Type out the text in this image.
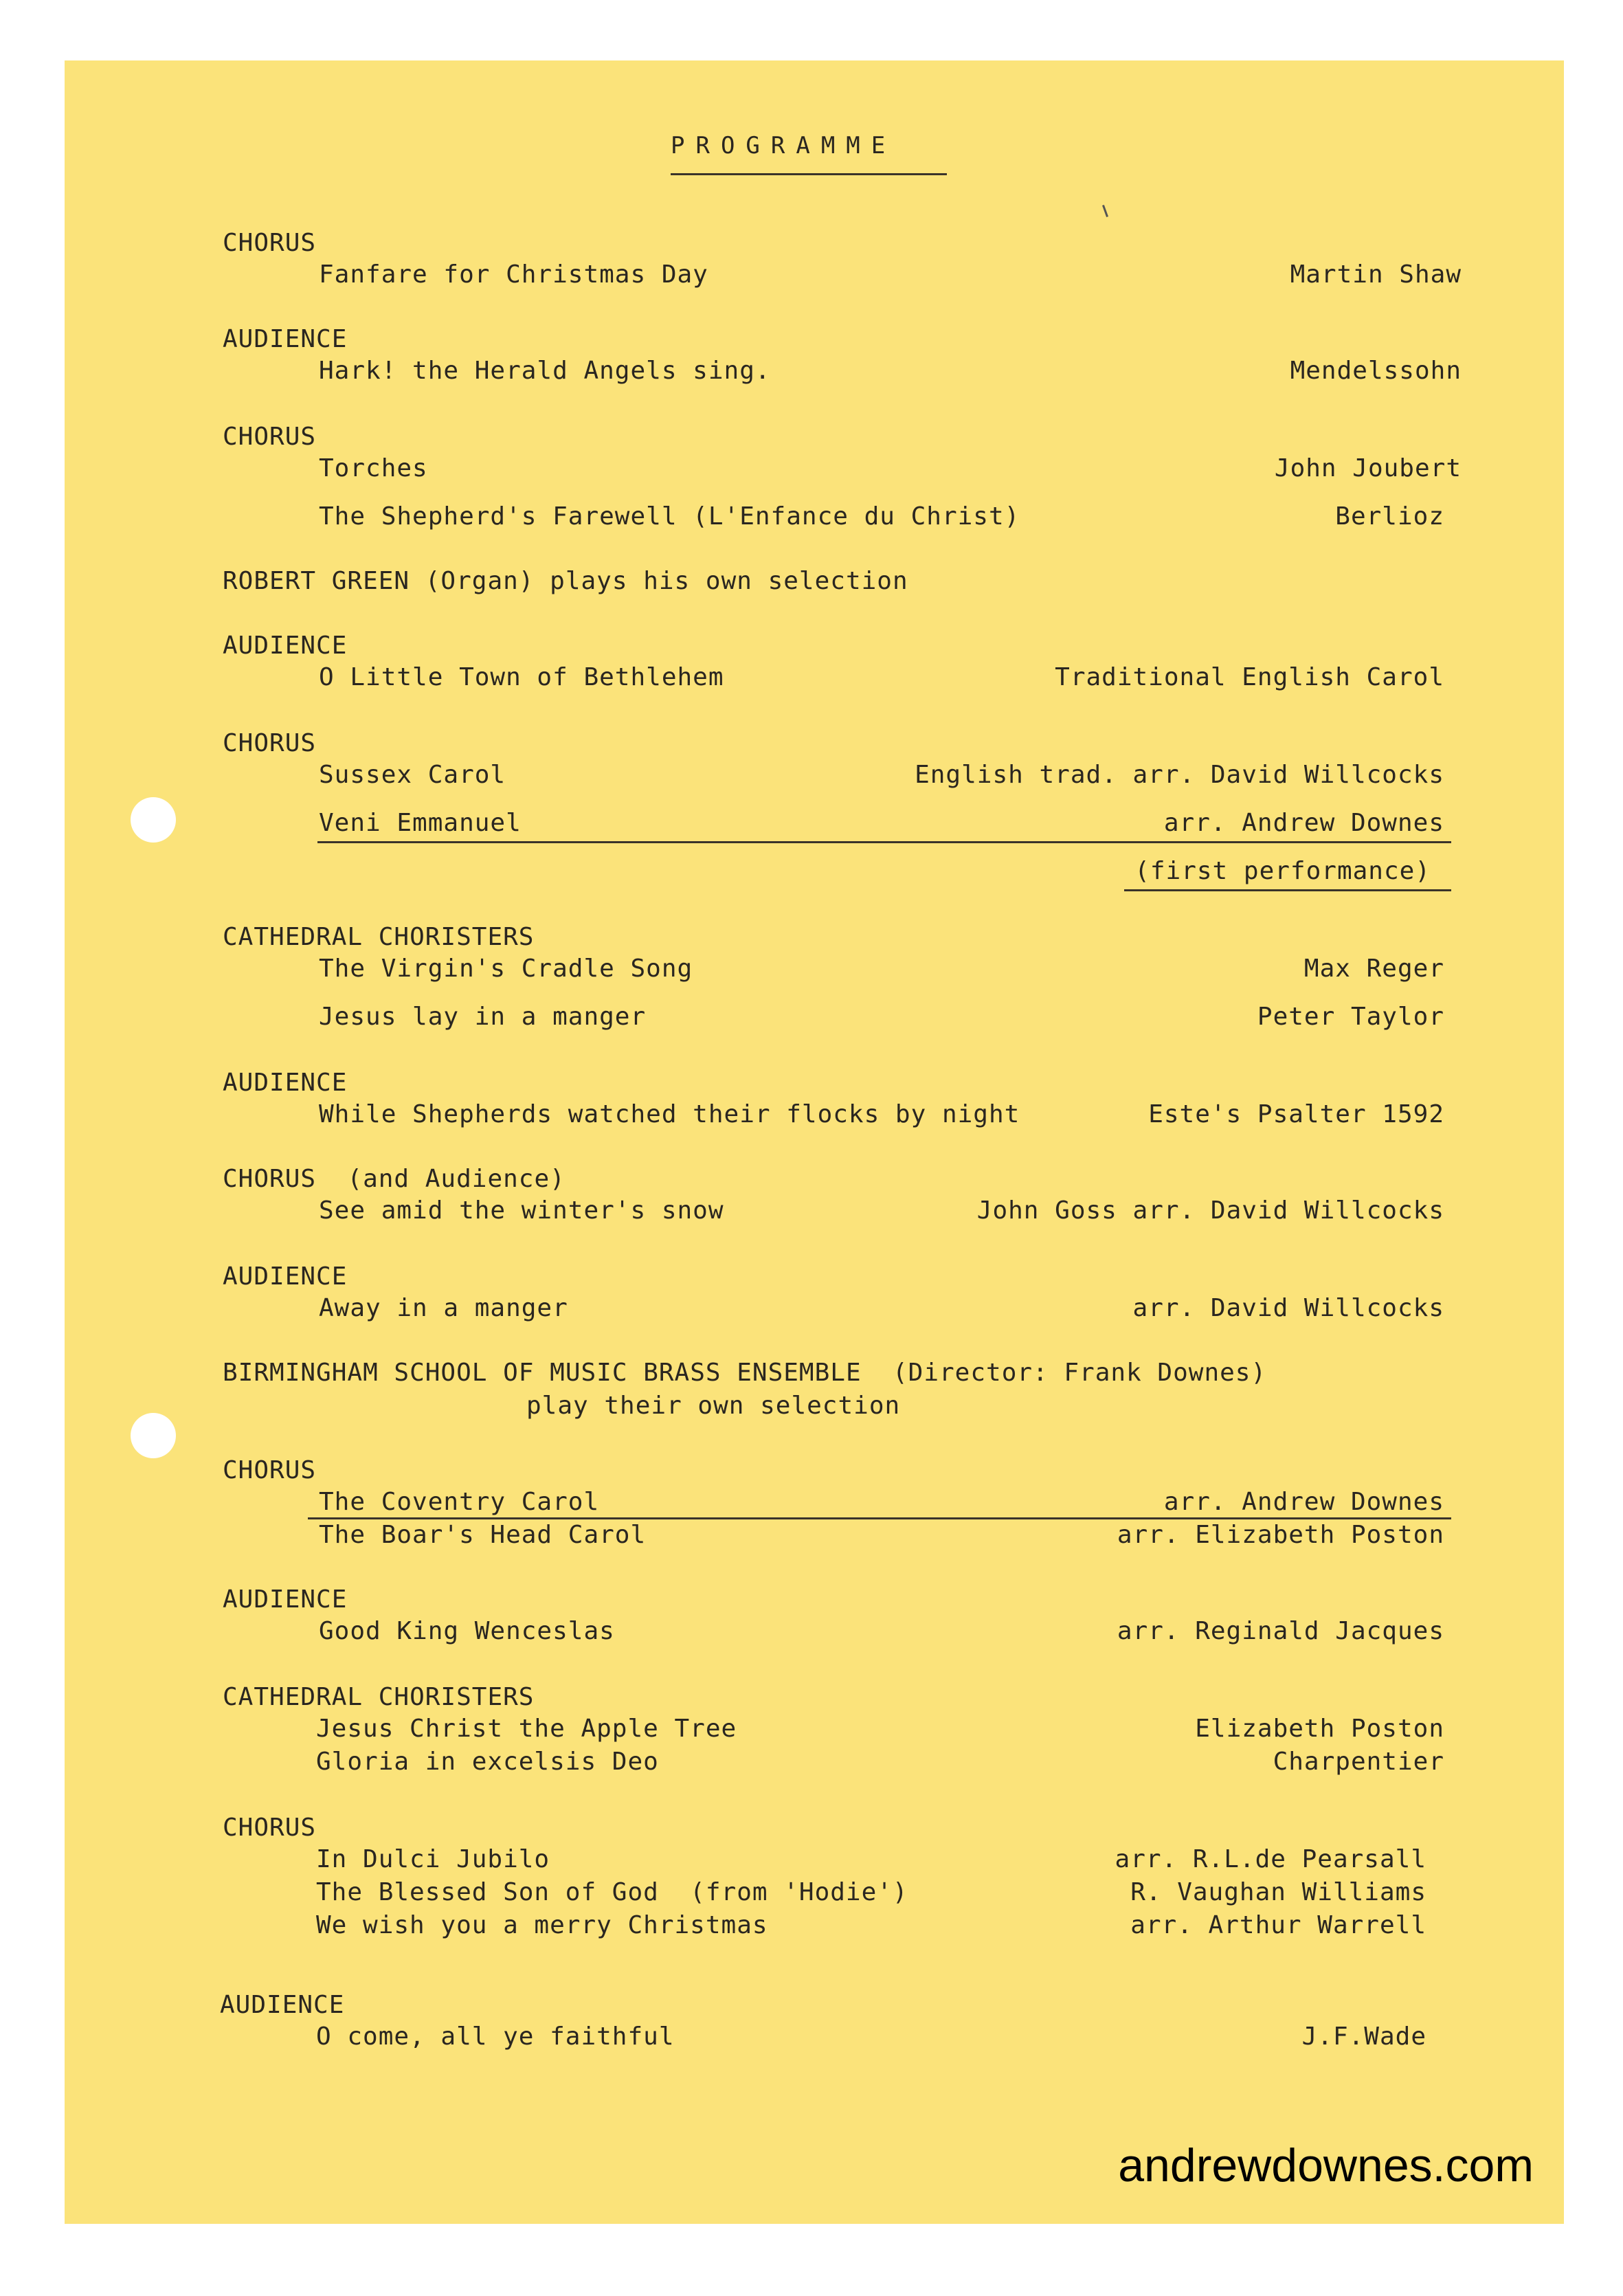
PROGRAMME
CHORUS
Fanfare for Christmas Day	Martin Shaw
AUDIENCE
Hark! the Herald Angels sing.	Mendelssohn
CHORUS
Torches	John Joubert
The Shepherd's Farewell (L'Enfance du Christ)	Berlioz
ROBERT GREEN (Organ) plays his own selection
AUDIENCE
O Little Town of Bethlehem	Traditional English Carol
CHORUS
Sussex Carol	English trad. arr. David Willcocks
Veni Emmanuel	arr. Andrew Downes
(first performance)
CATHEDRAL CHORISTERS
The Virgin's Cradle Song	Max Reger
Jesus lay in a manger	Peter Taylor
AUDIENCE
While Shepherds watched their flocks by night	Este's Psalter 1592
CHORUS  (and Audience)
See amid the winter's snow	John Goss arr. David Willcocks
AUDIENCE
Away in a manger	arr. David Willcocks
BIRMINGHAM SCHOOL OF MUSIC BRASS ENSEMBLE  (Director: Frank Downes)
play their own selection
CHORUS
The Coventry Carol	arr. Andrew Downes
The Boar's Head Carol	arr. Elizabeth Poston
AUDIENCE
Good King Wenceslas	arr. Reginald Jacques
CATHEDRAL CHORISTERS
Jesus Christ the Apple Tree	Elizabeth Poston
Gloria in excelsis Deo	Charpentier
CHORUS
In Dulci Jubilo	arr. R.L.de Pearsall
The Blessed Son of God  (from 'Hodie')	R. Vaughan Williams
We wish you a merry Christmas	arr. Arthur Warrell
AUDIENCE
O come, all ye faithful	J.F.Wade
andrewdownes.com
